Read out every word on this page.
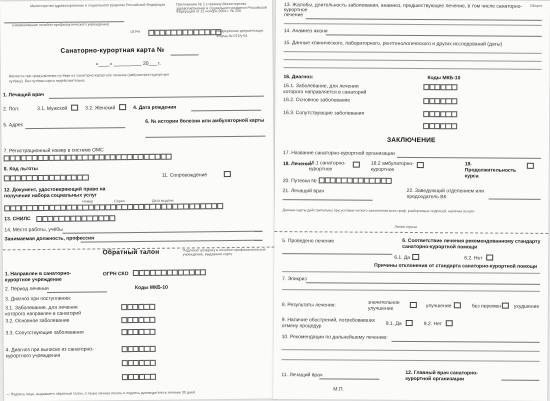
Министерство здравоохранения и социального развития Российской Федерации
(наименование лечебно-профилактического учреждения)
Приложение № 1 к приказу Министерства здравоохранения и социального развития Российской Федерации от 22 ноября 2004 г. № 256
ОГРН	Медицинская документация
Форма № 072/у-04
Санаторно-курортная карта №
«____» __________ 20___ г.
Является при предъявлении путёвки на санаторно-курортное лечение (амбулаторно-курортную
путёвку). Без путёвки карта недействительна
1. Лечащий врач
2. Пол:	3.1. Мужской	3.2. Женский	4. Дата рождения
5. Адрес
6. № истории болезни или амбулаторной карты
7. Регистрационный номер в системе ОМС
8. Код льготы
11. Сопровождение
12. Документ, удостоверяющий право на получение набора социальных услуг
Номер	Серия	Дата выдачи
13. СНИЛС
14. Место работы, учёбы
Занимаемая должность, профессия
Обратный талон	Подлежит возврату в лечебно-профилактическое учреждение, выдавшее карту
1. Направлен в санаторно-курортное учреждение
ОГРН СКО
2. Период лечения	Коды МКБ-10
3. Диагноз при поступлении:
3.1. Заболевание, для лечения которого направлен в санаторий
3.2. Основное заболевание
3.3. Сопутствующие заболевания
4. Диагноз при выписке из санаторно-курортного учреждения
— Подпись лица, выдавшего обратный талон, а также личная печать и подпись руководителя в течение 30 дней
Оборот
13. Жалобы, длительность заболевания, анамнез, предшествующее лечение, в том числе санаторно-курортное
лечение
14. Анамнез жизни
15. Данные клинического, лабораторного, рентгенологического и других исследований (даты)
16. Диагноз:	Коды МКБ-10
16.1. Заболевание, для лечения которого направляется в санаторий
16.2. Основное заболевание
16.3. Сопутствующие заболевания
ЗАКЛЮЧЕНИЕ
17. Название санаторно-курортной организации
18. Лечение
18.1 санаторно-курортное
18.2 амбулаторно-курортное
19. Продолжительность курса
20. Путевка №
21. Лечащий врач	22. Заведующий отделением или председатель ВК
Данные карты действительны при условии четкого заполнения всех граф, разборчивых подписей, наличия печати
Линия отреза
5. Проведено лечение	6. Соответствие лечения рекомендованному стандарту санаторно-курортной помощи
6.1. Да	6.2. Нет
Причины отклонения от стандарта санаторно-курортной помощи
7. Эпикриз
8. Результаты лечения:	значительное улучшение	улучшение	без перемен	ухудшение
9. Наличие обострений, потребовавших отмену процедур	9.1. Да	9.2. Нет
10. Рекомендации по дальнейшему лечению:
11. Лечащий врач	12. Главный врач санаторно-курортной организации
М.П.
